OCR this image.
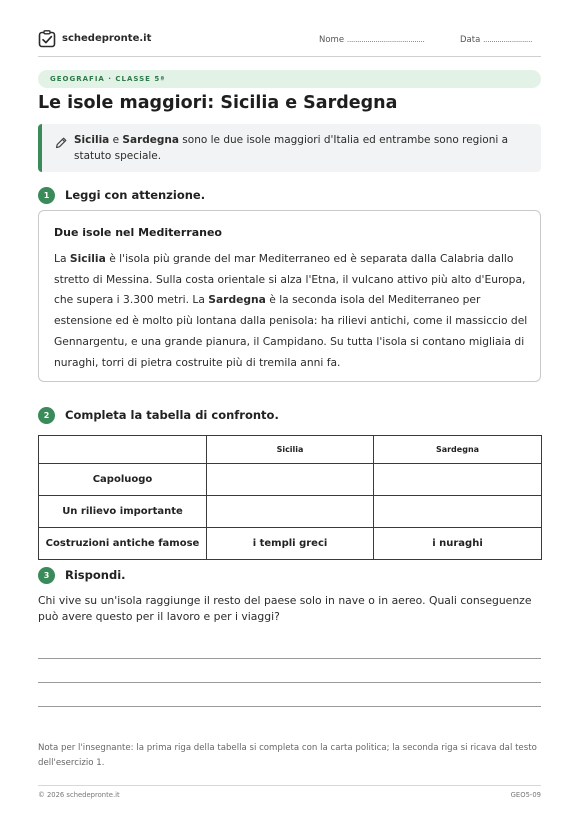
schedepronte.it	Nome ......................................	Data ........................
GEOGRAFIA · CLASSE 5ª
Le isole maggiori: Sicilia e Sardegna
Sicilia e Sardegna sono le due isole maggiori d'Italia ed entrambe sono regioni a statuto speciale.
1	Leggi con attenzione.
Due isole nel Mediterraneo
La Sicilia è l'isola più grande del mar Mediterraneo ed è separata dalla Calabria dallo stretto di Messina. Sulla costa orientale si alza l'Etna, il vulcano attivo più alto d'Europa, che supera i 3.300 metri. La Sardegna è la seconda isola del Mediterraneo per estensione ed è molto più lontana dalla penisola: ha rilievi antichi, come il massiccio del Gennargentu, e una grande pianura, il Campidano. Su tutta l'isola si contano migliaia di nuraghi, torri di pietra costruite più di tremila anni fa.
2	Completa la tabella di confronto.
	Sicilia	Sardegna
Capoluogo		
Un rilievo importante		
Costruzioni antiche famose	i templi greci	i nuraghi
3	Rispondi.
Chi vive su un'isola raggiunge il resto del paese solo in nave o in aereo. Quali conseguenze può avere questo per il lavoro e per i viaggi?
Nota per l'insegnante: la prima riga della tabella si completa con la carta politica; la seconda riga si ricava dal testo dell'esercizio 1.
© 2026 schedepronte.it	GEO5-09
